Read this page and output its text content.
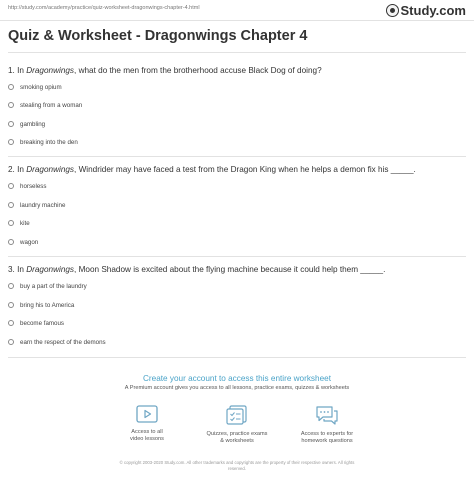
http://study.com/academy/practice/quiz-worksheet-dragonwings-chapter-4.html	Study.com
Quiz & Worksheet - Dragonwings Chapter 4
1. In Dragonwings, what do the men from the brotherhood accuse Black Dog of doing?
smoking opium
stealing from a woman
gambling
breaking into the den
2. In Dragonwings, Windrider may have faced a test from the Dragon King when he helps a demon fix his _____.
horseless
laundry machine
kite
wagon
3. In Dragonwings, Moon Shadow is excited about the flying machine because it could help them _____.
buy a part of the laundry
bring his to America
become famous
earn the respect of the demons
Create your account to access this entire worksheet
A Premium account gives you access to all lessons, practice exams, quizzes & worksheets
Access to all
video lessons
Quizzes, practice exams
& worksheets
Access to experts for
homework questions
© copyright 2003-2020 Study.com. All other trademarks and copyrights are the property of their respective owners. All rights
reserved.
